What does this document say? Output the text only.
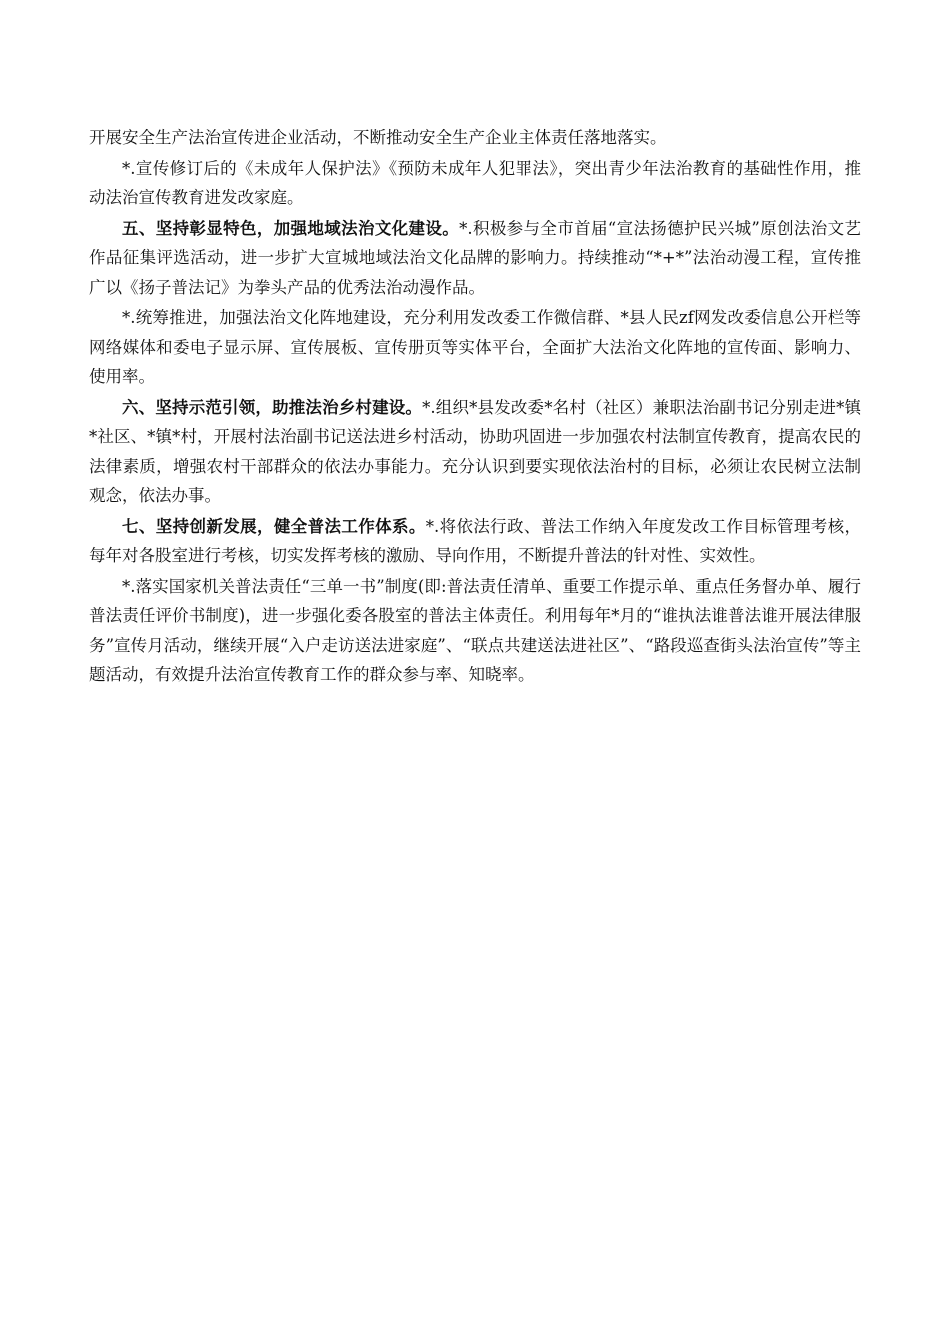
开展安全生产法治宣传进企业活动，不断推动安全生产企业主体责任落地落实。

*.宣传修订后的《未成年人保护法》《预防未成年人犯罪法》，突出青少年法治教育的基础性作用，推动法治宣传教育进发改家庭。

五、坚持彰显特色，加强地域法治文化建设。*.积极参与全市首届“宣法扬德护民兴城”原创法治文艺作品征集评选活动，进一步扩大宣城地域法治文化品牌的影响力。持续推动“*+*”法治动漫工程，宣传推广以《扬子普法记》为拳头产品的优秀法治动漫作品。

*.统筹推进，加强法治文化阵地建设，充分利用发改委工作微信群、*县人民zf网发改委信息公开栏等网络媒体和委电子显示屏、宣传展板、宣传册页等实体平台，全面扩大法治文化阵地的宣传面、影响力、使用率。

六、坚持示范引领，助推法治乡村建设。*.组织*县发改委*名村（社区）兼职法治副书记分别走进*镇*社区、*镇*村，开展村法治副书记送法进乡村活动，协助巩固进一步加强农村法制宣传教育，提高农民的法律素质，增强农村干部群众的依法办事能力。充分认识到要实现依法治村的目标，必须让农民树立法制观念，依法办事。

七、坚持创新发展，健全普法工作体系。*.将依法行政、普法工作纳入年度发改工作目标管理考核，每年对各股室进行考核，切实发挥考核的激励、导向作用，不断提升普法的针对性、实效性。

*.落实国家机关普法责任“三单一书”制度(即:普法责任清单、重要工作提示单、重点任务督办单、履行普法责任评价书制度)，进一步强化委各股室的普法主体责任。利用每年*月的“谁执法谁普法谁开展法律服务”宣传月活动，继续开展“入户走访送法进家庭”、“联点共建送法进社区”、“路段巡查街头法治宣传”等主题活动，有效提升法治宣传教育工作的群众参与率、知晓率。
